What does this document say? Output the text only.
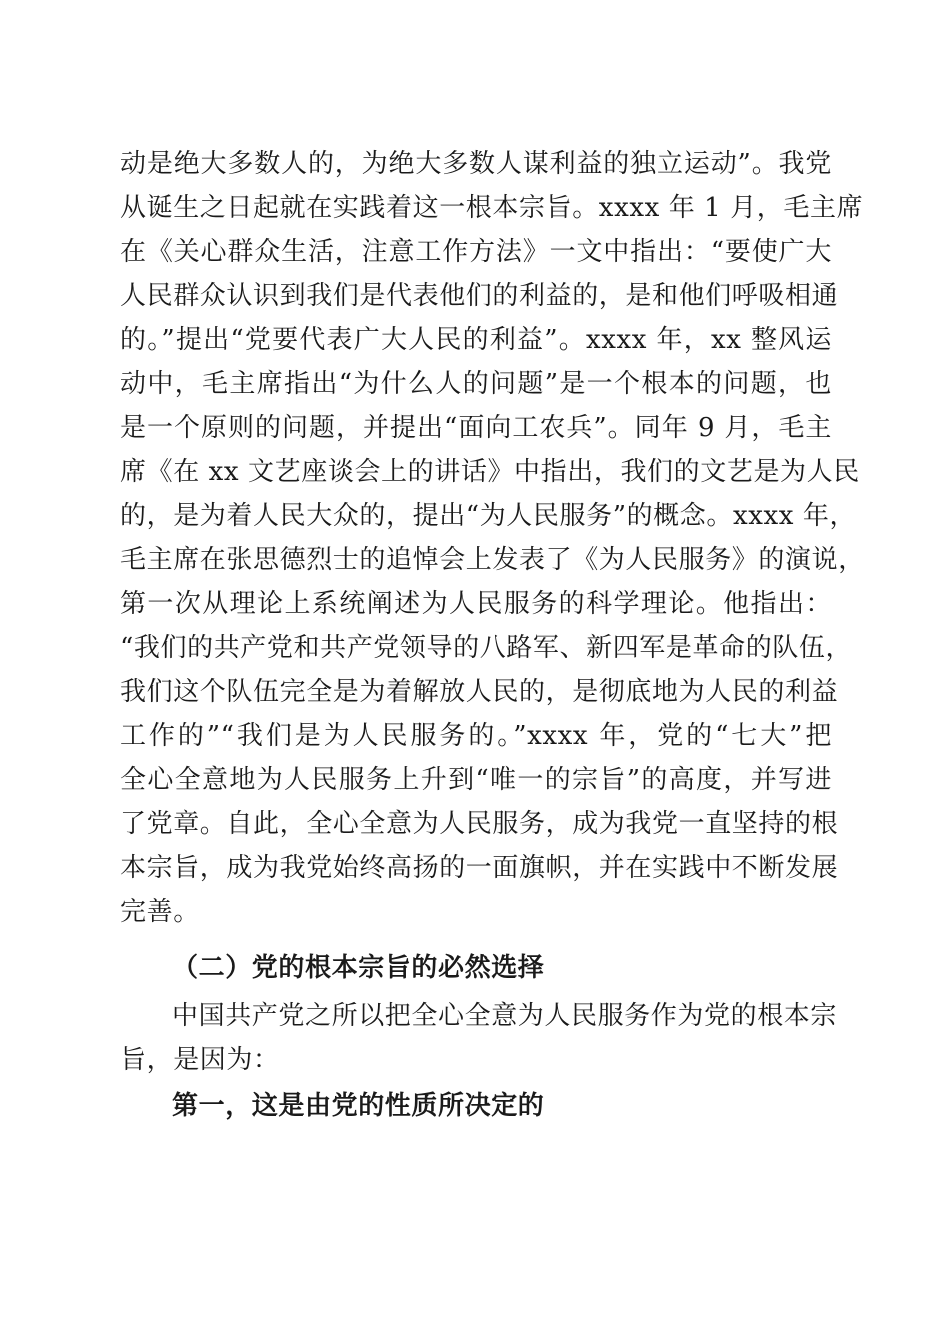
动是绝大多数人的，为绝大多数人谋利益的独立运动”。我党
从诞生之日起就在实践着这一根本宗旨。xxxx 年 1 月，毛主席
在《关心群众生活，注意工作方法》一文中指出：“要使广大
人民群众认识到我们是代表他们的利益的，是和他们呼吸相通
的。”提出“党要代表广大人民的利益”。xxxx 年，xx 整风运
动中，毛主席指出“为什么人的问题”是一个根本的问题，也
是一个原则的问题，并提出“面向工农兵”。同年 9 月，毛主
席《在 xx 文艺座谈会上的讲话》中指出，我们的文艺是为人民
的，是为着人民大众的，提出“为人民服务”的概念。xxxx 年，
毛主席在张思德烈士的追悼会上发表了《为人民服务》的演说，
第一次从理论上系统阐述为人民服务的科学理论。他指出：
“我们的共产党和共产党领导的八路军、新四军是革命的队伍，
我们这个队伍完全是为着解放人民的，是彻底地为人民的利益
工作的”“我们是为人民服务的。”xxxx 年，党的“七大”把
全心全意地为人民服务上升到“唯一的宗旨”的高度，并写进
了党章。自此，全心全意为人民服务，成为我党一直坚持的根
本宗旨，成为我党始终高扬的一面旗帜，并在实践中不断发展
完善。
（二）党的根本宗旨的必然选择
中国共产党之所以把全心全意为人民服务作为党的根本宗
旨，是因为：
第一，这是由党的性质所决定的
